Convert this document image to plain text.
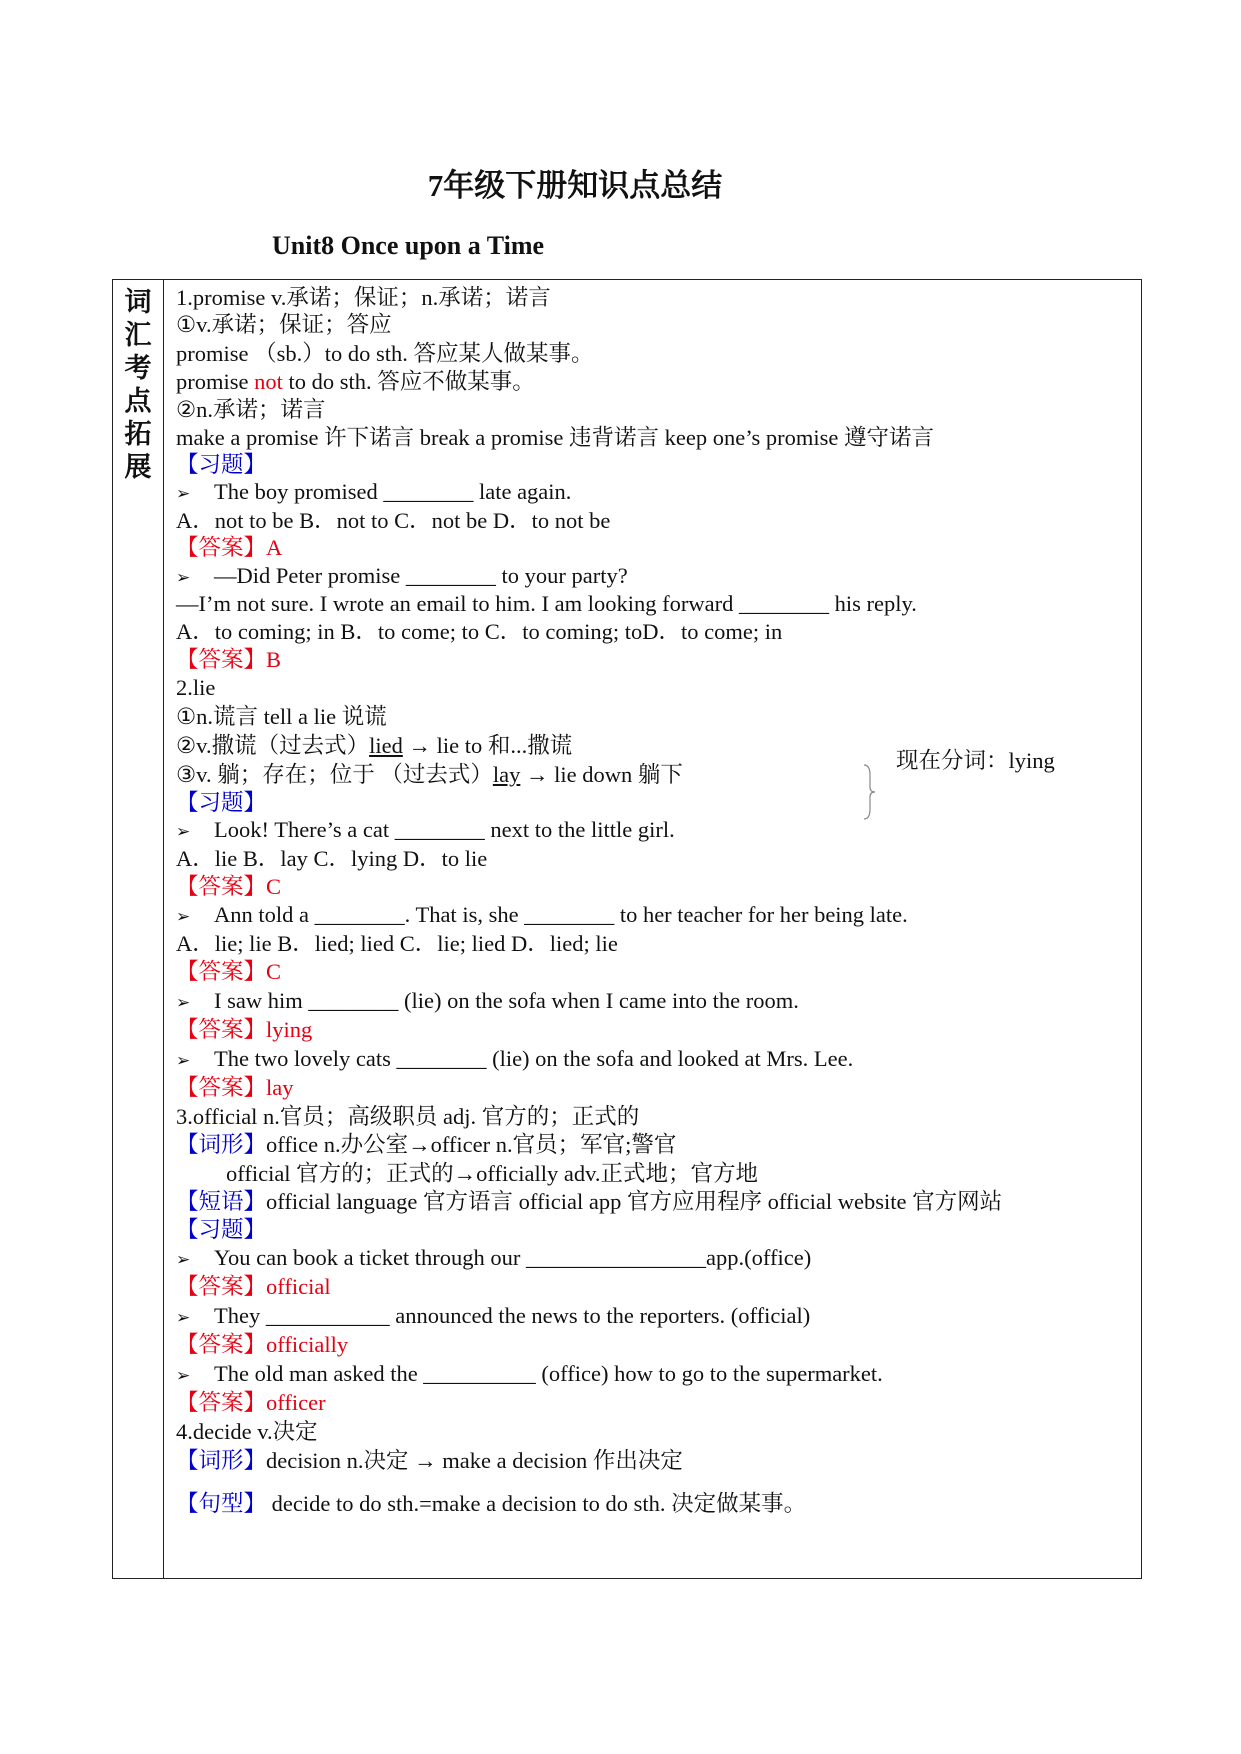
7年级下册知识点总结
Unit8 Once upon a Time
词
汇
考
点
拓
展
1.promise v.承诺；保证；n.承诺；诺言
①v.承诺；保证；答应
promise （sb.）to do sth. 答应某人做某事。
promise not to do sth. 答应不做某事。
②n.承诺；诺言
make a promise 许下诺言 break a promise 违背诺言 keep one’s promise 遵守诺言
【习题】
➢ The boy promised ________ late again.
A．not to be B．not to C．not be D．to not be
【答案】A
➢ —Did Peter promise ________ to your party?
—I’m not sure. I wrote an email to him. I am looking forward ________ his reply.
A．to coming; in B．to come; to C．to coming; toD．to come; in
【答案】B
2.lie
①n.谎言 tell a lie 说谎
②v.撒谎（过去式）lied → lie to 和...撒谎
③v. 躺；存在；位于 （过去式）lay → lie down 躺下
现在分词：lying
【习题】
➢ Look! There’s a cat ________ next to the little girl.
A．lie B．lay C．lying D．to lie
【答案】C
➢ Ann told a ________. That is, she ________ to her teacher for her being late.
A．lie; lie B．lied; lied C．lie; lied D．lied; lie
【答案】C
➢ I saw him ________ (lie) on the sofa when I came into the room.
【答案】lying
➢ The two lovely cats ________ (lie) on the sofa and looked at Mrs. Lee.
【答案】lay
3.official n.官员；高级职员 adj. 官方的；正式的
【词形】office n.办公室→officer n.官员；军官;警官
official 官方的；正式的→officially adv.正式地；官方地
【短语】official language 官方语言 official app 官方应用程序 official website 官方网站
【习题】
➢ You can book a ticket through our ________________app.(office)
【答案】official
➢ They ___________ announced the news to the reporters. (official)
【答案】officially
➢ The old man asked the __________ (office) how to go to the supermarket.
【答案】officer
4.decide v.决定
【词形】decision n.决定 → make a decision 作出决定
【句型】 decide to do sth.=make a decision to do sth. 决定做某事。
